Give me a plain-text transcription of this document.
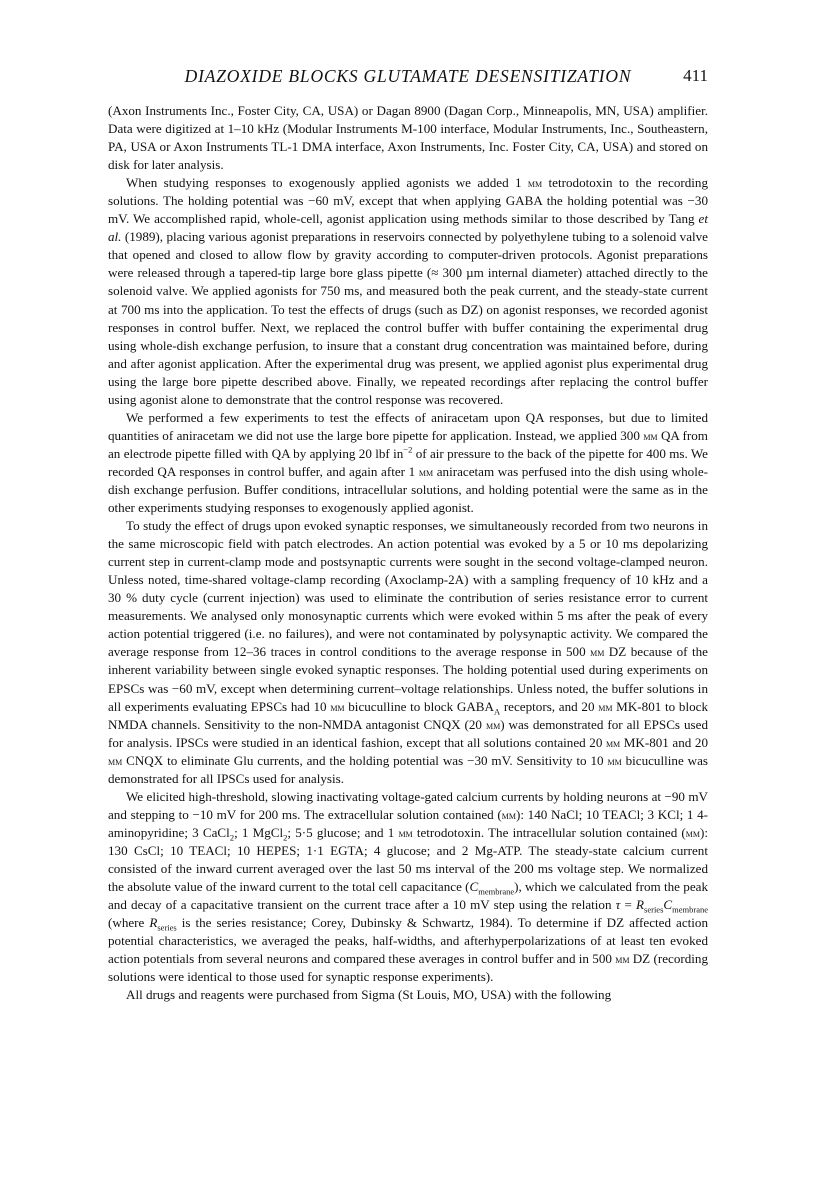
DIAZOXIDE BLOCKS GLUTAMATE DESENSITIZATION	411

(Axon Instruments Inc., Foster City, CA, USA) or Dagan 8900 (Dagan Corp., Minneapolis, MN, USA) amplifier. Data were digitized at 1–10 kHz (Modular Instruments M-100 interface, Modular Instruments, Inc., Southeastern, PA, USA or Axon Instruments TL-1 DMA interface, Axon Instruments, Inc. Foster City, CA, USA) and stored on disk for later analysis.

When studying responses to exogenously applied agonists we added 1 µm tetrodotoxin to the recording solutions. The holding potential was −60 mV, except that when applying GABA the holding potential was −30 mV. We accomplished rapid, whole-cell, agonist application using methods similar to those described by Tang et al. (1989), placing various agonist preparations in reservoirs connected by polyethylene tubing to a solenoid valve that opened and closed to allow flow by gravity according to computer-driven protocols. Agonist preparations were released through a tapered-tip large bore glass pipette (≈ 300 µm internal diameter) attached directly to the solenoid valve. We applied agonists for 750 ms, and measured both the peak current, and the steady-state current at 700 ms into the application. To test the effects of drugs (such as DZ) on agonist responses, we recorded agonist responses in control buffer. Next, we replaced the control buffer with buffer containing the experimental drug using whole-dish exchange perfusion, to insure that a constant drug concentration was maintained before, during and after agonist application. After the experimental drug was present, we applied agonist plus experimental drug using the large bore pipette described above. Finally, we repeated recordings after replacing the control buffer using agonist alone to demonstrate that the control response was recovered.

We performed a few experiments to test the effects of aniracetam upon QA responses, but due to limited quantities of aniracetam we did not use the large bore pipette for application. Instead, we applied 300 µm QA from an electrode pipette filled with QA by applying 20 lbf $in^{-2}$ of air pressure to the back of the pipette for 400 ms. We recorded QA responses in control buffer, and again after 1 mm aniracetam was perfused into the dish using whole-dish exchange perfusion. Buffer conditions, intracellular solutions, and holding potential were the same as in the other experiments studying responses to exogenously applied agonist.

To study the effect of drugs upon evoked synaptic responses, we simultaneously recorded from two neurons in the same microscopic field with patch electrodes. An action potential was evoked by a 5 or 10 ms depolarizing current step in current-clamp mode and postsynaptic currents were sought in the second voltage-clamped neuron. Unless noted, time-shared voltage-clamp recording (Axoclamp-2A) with a sampling frequency of 10 kHz and a 30 % duty cycle (current injection) was used to eliminate the contribution of series resistance error to current measurements. We analysed only monosynaptic currents which were evoked within 5 ms after the peak of every action potential triggered (i.e. no failures), and were not contaminated by polysynaptic activity. We compared the average response from 12–36 traces in control conditions to the average response in 500 µm DZ because of the inherent variability between single evoked synaptic responses. The holding potential used during experiments on EPSCs was −60 mV, except when determining current–voltage relationships. Unless noted, the buffer solutions in all experiments evaluating EPSCs had 10 µm bicuculline to block $GABA_A$ receptors, and 20 µm MK-801 to block NMDA channels. Sensitivity to the non-NMDA antagonist CNQX (20 µm) was demonstrated for all EPSCs used for analysis. IPSCs were studied in an identical fashion, except that all solutions contained 20 µm MK-801 and 20 µm CNQX to eliminate Glu currents, and the holding potential was −30 mV. Sensitivity to 10 µm bicuculline was demonstrated for all IPSCs used for analysis.

We elicited high-threshold, slowing inactivating voltage-gated calcium currents by holding neurons at −90 mV and stepping to −10 mV for 200 ms. The extracellular solution contained (mm): 140 NaCl; 10 TEACl; 3 KCl; 1 4-aminopyridine; 3 CaCl$_2$; 1 MgCl$_2$; 5·5 glucose; and 1 µm tetrodotoxin. The intracellular solution contained (mm): 130 CsCl; 10 TEACl; 10 HEPES; 1·1 EGTA; 4 glucose; and 2 Mg-ATP. The steady-state calcium current consisted of the inward current averaged over the last 50 ms interval of the 200 ms voltage step. We normalized the absolute value of the inward current to the total cell capacitance $(C_{membrane})$, which we calculated from the peak and decay of a capacitative transient on the current trace after a 10 mV step using the relation $\tau = R_{series}C_{membrane}$ (where $R_{series}$ is the series resistance; Corey, Dubinsky & Schwartz, 1984). To determine if DZ affected action potential characteristics, we averaged the peaks, half-widths, and afterhyperpolarizations of at least ten evoked action potentials from several neurons and compared these averages in control buffer and in 500 µm DZ (recording solutions were identical to those used for synaptic response experiments).

All drugs and reagents were purchased from Sigma (St Louis, MO, USA) with the following
